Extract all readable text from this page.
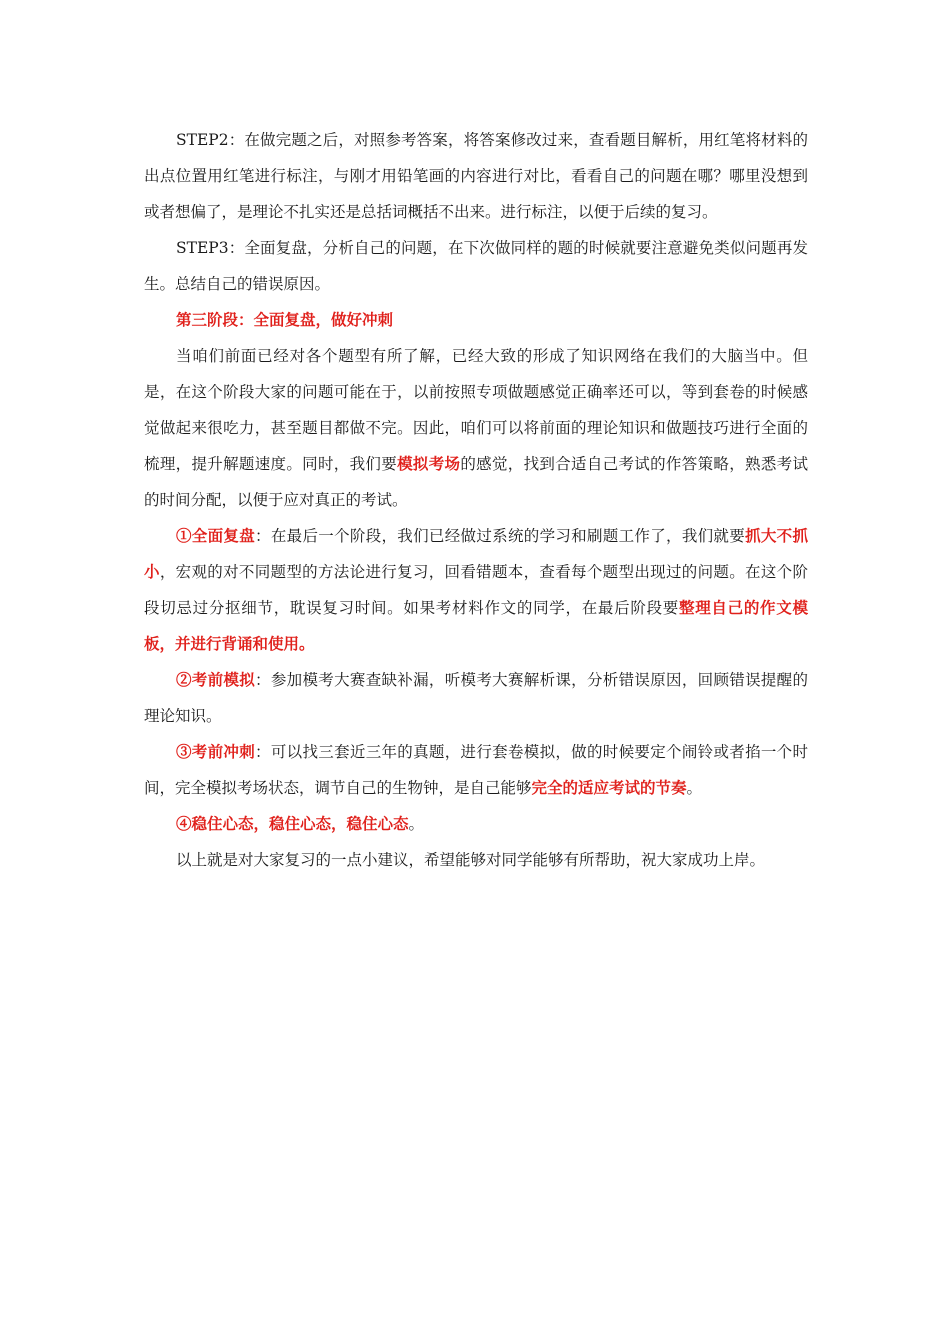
STEP2：在做完题之后，对照参考答案，将答案修改过来，查看题目解析，用红笔将材料的出点位置用红笔进行标注，与刚才用铅笔画的内容进行对比，看看自己的问题在哪？哪里没想到或者想偏了，是理论不扎实还是总括词概括不出来。进行标注，以便于后续的复习。

STEP3：全面复盘，分析自己的问题，在下次做同样的题的时候就要注意避免类似问题再发生。总结自己的错误原因。

第三阶段：全面复盘，做好冲刺

当咱们前面已经对各个题型有所了解，已经大致的形成了知识网络在我们的大脑当中。但是，在这个阶段大家的问题可能在于，以前按照专项做题感觉正确率还可以，等到套卷的时候感觉做起来很吃力，甚至题目都做不完。因此，咱们可以将前面的理论知识和做题技巧进行全面的梳理，提升解题速度。同时，我们要模拟考场的感觉，找到合适自己考试的作答策略，熟悉考试的时间分配，以便于应对真正的考试。

①全面复盘：在最后一个阶段，我们已经做过系统的学习和刷题工作了，我们就要抓大不抓小，宏观的对不同题型的方法论进行复习，回看错题本，查看每个题型出现过的问题。在这个阶段切忌过分抠细节，耽误复习时间。如果考材料作文的同学，在最后阶段要整理自己的作文模板，并进行背诵和使用。

②考前模拟：参加模考大赛查缺补漏，听模考大赛解析课，分析错误原因，回顾错误提醒的理论知识。

③考前冲刺：可以找三套近三年的真题，进行套卷模拟，做的时候要定个闹铃或者掐一个时间，完全模拟考场状态，调节自己的生物钟，是自己能够完全的适应考试的节奏。

④稳住心态，稳住心态，稳住心态。

以上就是对大家复习的一点小建议，希望能够对同学能够有所帮助，祝大家成功上岸。
